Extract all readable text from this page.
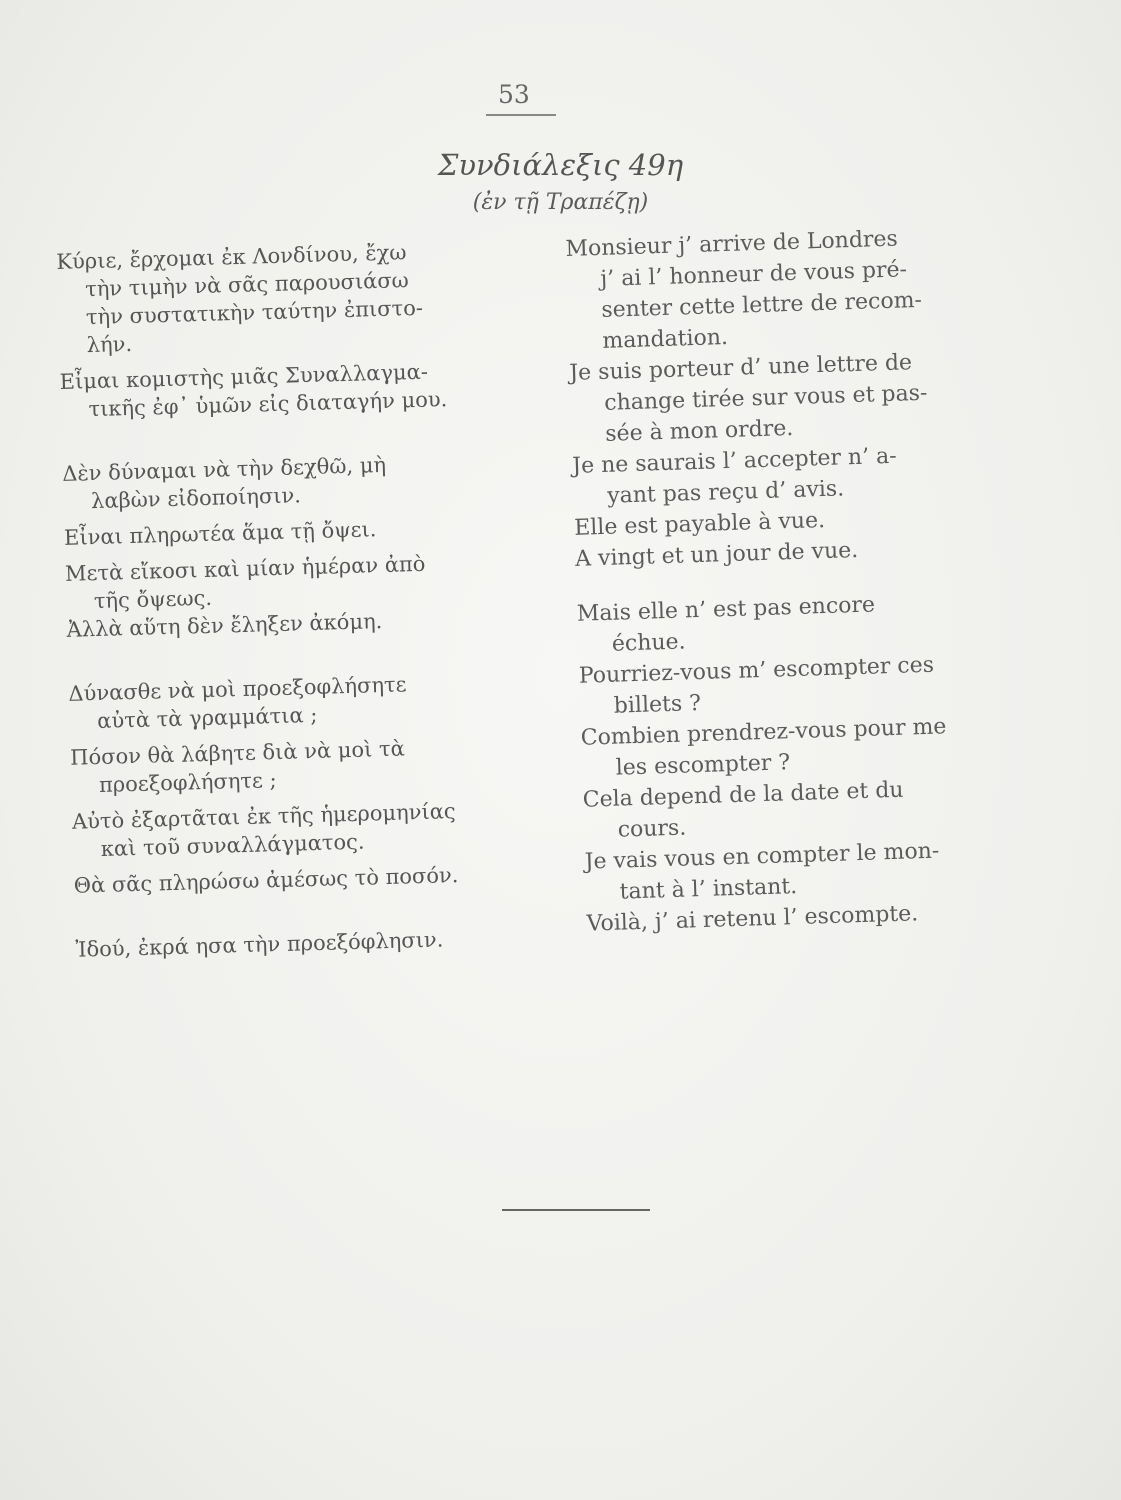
53
Συνδιάλεξις 49η
(ἐν τῇ Τραπέζῃ)
Κύριε, ἔρχομαι ἐκ Λονδίνου, ἔχω
τὴν τιμὴν νὰ σᾶς παρουσιάσω
τὴν συστατικὴν ταύτην ἐπιστο-
λήν.
Εἶμαι κομιστὴς μιᾶς Συναλλαγμα-
τικῆς ἐφ᾽ ὑμῶν εἰς διαταγήν μου.
Δὲν δύναμαι νὰ τὴν δεχθῶ, μὴ
λαβὼν εἰδοποίησιν.
Εἶναι πληρωτέα ἅμα τῇ ὄψει.
Μετὰ εἴκοσι καὶ μίαν ἡμέραν ἀπὸ
τῆς ὄψεως.
Ἀλλὰ αὕτη δὲν ἔληξεν ἀκόμη.
Δύνασθε νὰ μοὶ προεξοφλήσητε
αὐτὰ τὰ γραμμάτια ;
Πόσον θὰ λάβητε διὰ νὰ μοὶ τὰ
προεξοφλήσητε ;
Αὐτὸ ἐξαρτᾶται ἐκ τῆς ἡμερομηνίας
καὶ τοῦ συναλλάγματος.
Θὰ σᾶς πληρώσω ἀμέσως τὸ ποσόν.
Ἰδού, ἐκρά ησα τὴν προεξόφλησιν.
Monsieur j’ arrive de Londres
j’ ai l’ honneur de vous pré-
senter cette lettre de recom-
mandation.
Je suis porteur d’ une lettre de
change tirée sur vous et pas-
sée à mon ordre.
Je ne saurais l’ accepter n’ a-
yant pas reçu d’ avis.
Elle est payable à vue.
A vingt et un jour de vue.
Mais elle n’ est pas encore
échue.
Pourriez-vous m’ escompter ces
billets ?
Combien prendrez-vous pour me
les escompter ?
Cela depend de la date et du
cours.
Je vais vous en compter le mon-
tant à l’ instant.
Voilà, j’ ai retenu l’ escompte.
